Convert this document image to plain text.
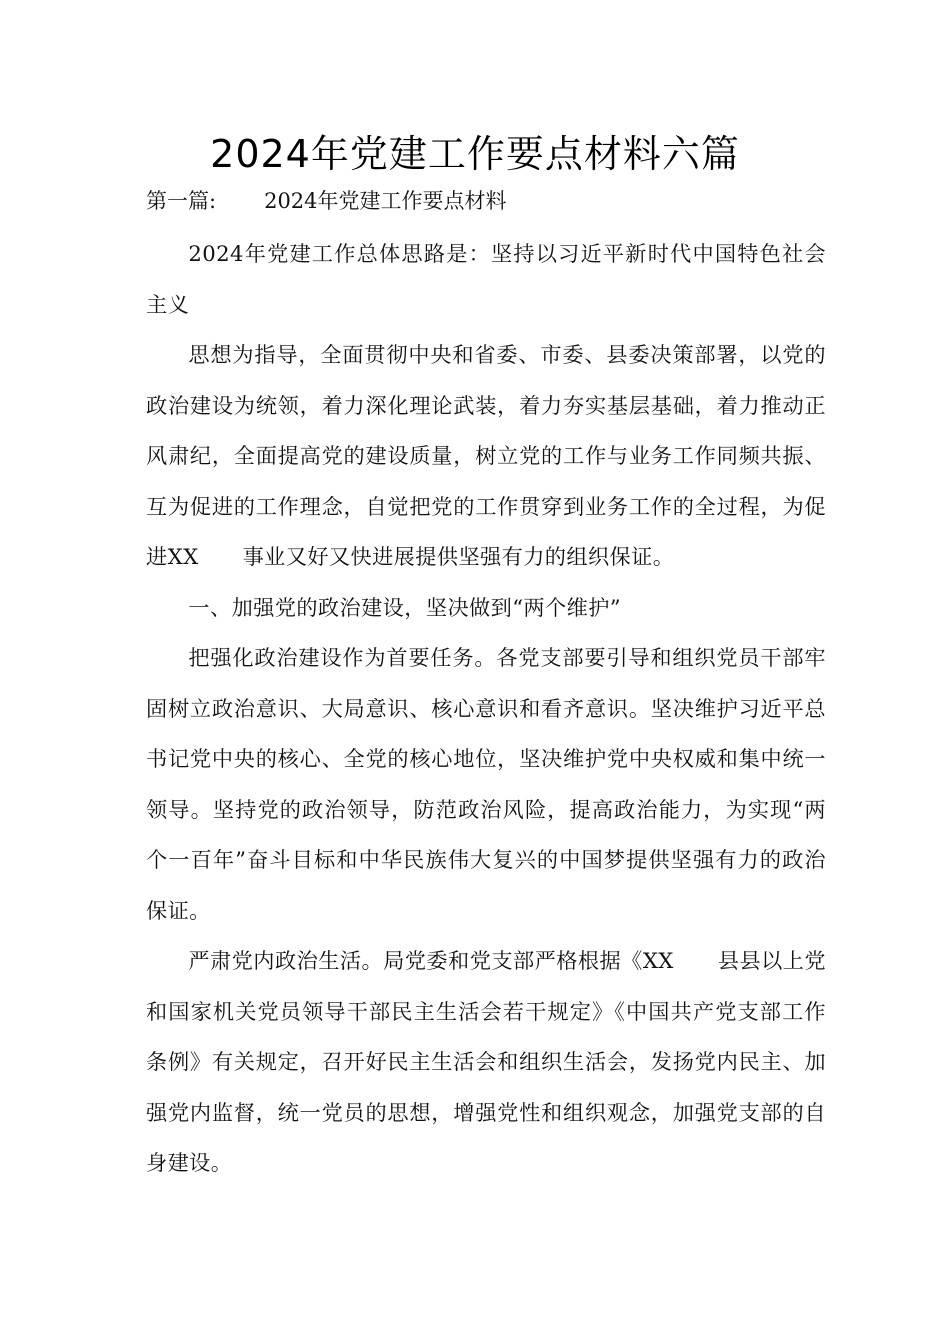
2024年党建工作要点材料六篇
第一篇: 2024年党建工作要点材料

2024年党建工作总体思路是：坚持以习近平新时代中国特色社会主义

思想为指导，全面贯彻中央和省委、市委、县委决策部署，以党的政治建设为统领，着力深化理论武装，着力夯实基层基础，着力推动正风肃纪，全面提高党的建设质量，树立党的工作与业务工作同频共振、互为促进的工作理念，自觉把党的工作贯穿到业务工作的全过程，为促进XX 事业又好又快进展提供坚强有力的组织保证。

一、加强党的政治建设，坚决做到“两个维护”

把强化政治建设作为首要任务。各党支部要引导和组织党员干部牢固树立政治意识、大局意识、核心意识和看齐意识。坚决维护习近平总书记党中央的核心、全党的核心地位，坚决维护党中央权威和集中统一领导。坚持党的政治领导，防范政治风险，提高政治能力，为实现“两个一百年”奋斗目标和中华民族伟大复兴的中国梦提供坚强有力的政治保证。

严肃党内政治生活。局党委和党支部严格根据《XX 县县以上党和国家机关党员领导干部民主生活会若干规定》《中国共产党支部工作条例》有关规定，召开好民主生活会和组织生活会，发扬党内民主、加强党内监督，统一党员的思想，增强党性和组织观念，加强党支部的自身建设。
